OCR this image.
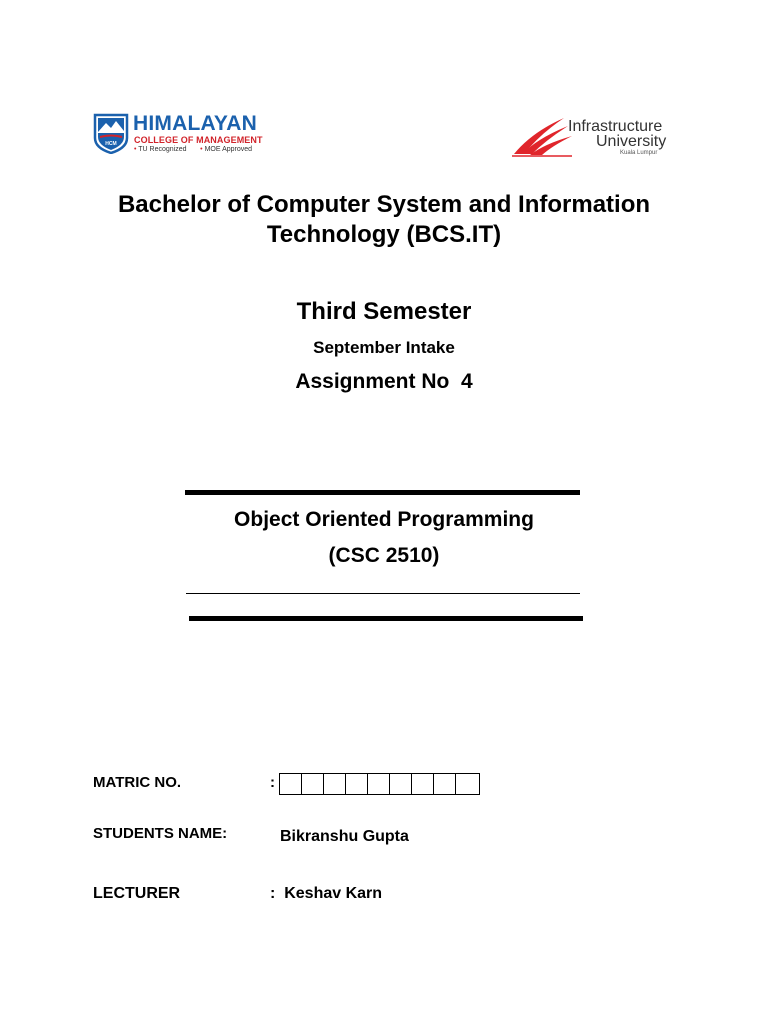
HCM
HIMALAYAN
COLLEGE OF MANAGEMENT
• TU Recognized • MOE Approved
Infrastructure
University
Kuala Lumpur
Bachelor of Computer System and Information
Technology (BCS.IT)
Third Semester
September Intake
Assignment No  4
Object Oriented Programming
(CSC 2510)
MATRIC NO.	:
STUDENTS NAME:	Bikranshu Gupta
LECTURER	:  Keshav Karn
